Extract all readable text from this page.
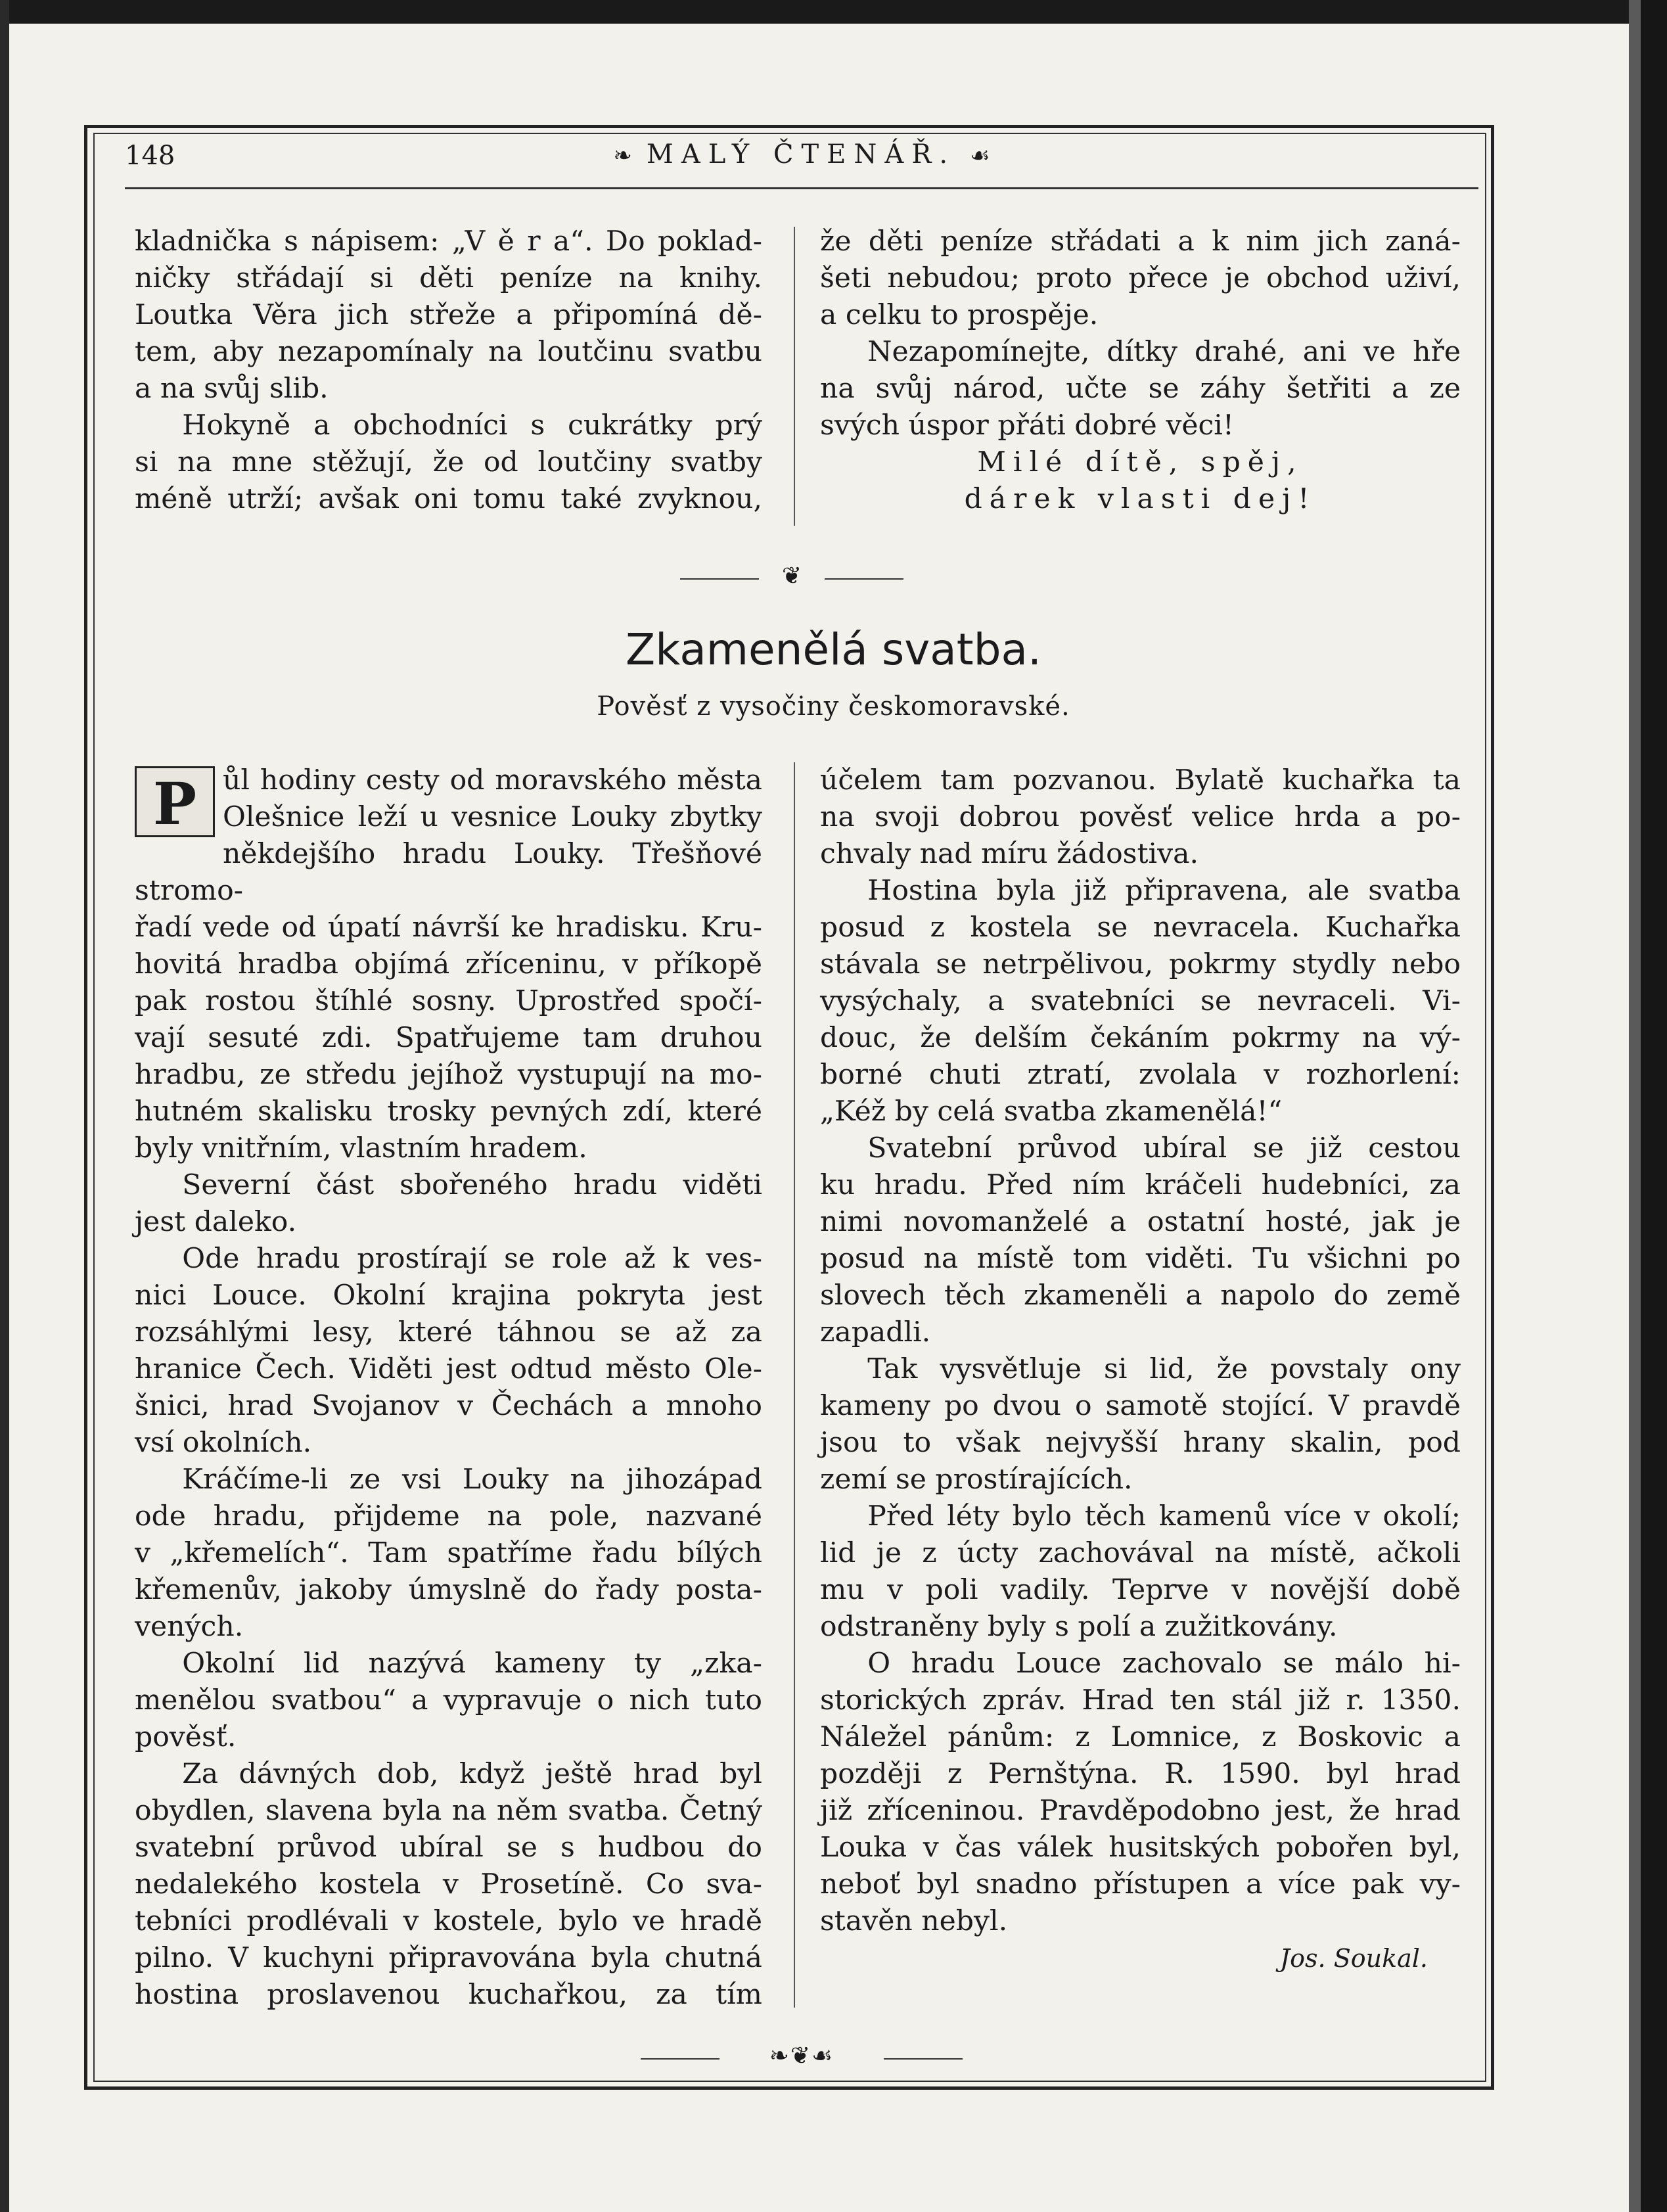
148	❧ MALÝ ČTENÁŘ. ☙

kladnička s nápisem: „V ě r a“. Do poklad-

ničky střádají si děti peníze na knihy.

Loutka Věra jich střeže a připomíná dě-

tem, aby nezapomínaly na loutčinu svatbu

a na svůj slib.

Hokyně a obchodníci s cukrátky prý

si na mne stěžují, že od loutčiny svatby

méně utrží; avšak oni tomu také zvyknou,

že děti peníze střádati a k nim jich zaná-

šeti nebudou; proto přece je obchod uživí,

a celku to prospěje.

Nezapomínejte, dítky drahé, ani ve hře

na svůj národ, učte se záhy šetřiti a ze

svých úspor přáti dobré věci!

Milé dítě, spěj,

dárek vlasti dej!

❦
Zkamenělá svatba.
Pověsť z vysočiny českomoravské.
P ůl hodiny cesty od moravského města

Olešnice leží u vesnice Louky zbytky

někdejšího hradu Louky. Třešňové stromo-

řadí vede od úpatí návrší ke hradisku. Kru-

hovitá hradba objímá zříceninu, v příkopě

pak rostou štíhlé sosny. Uprostřed spočí-

vají sesuté zdi. Spatřujeme tam druhou

hradbu, ze středu jejíhož vystupují na mo-

hutném skalisku trosky pevných zdí, které

byly vnitřním, vlastním hradem.

Severní část sbořeného hradu viděti

jest daleko.

Ode hradu prostírají se role až k ves-

nici Louce. Okolní krajina pokryta jest

rozsáhlými lesy, které táhnou se až za

hranice Čech. Viděti jest odtud město Ole-

šnici, hrad Svojanov v Čechách a mnoho

vsí okolních.

Kráčíme-li ze vsi Louky na jihozápad

ode hradu, přijdeme na pole, nazvané

v „křemelích“. Tam spatříme řadu bílých

křemenův, jakoby úmyslně do řady posta-

vených.

Okolní lid nazývá kameny ty „zka-

menělou svatbou“ a vypravuje o nich tuto

pověsť.

Za dávných dob, když ještě hrad byl

obydlen, slavena byla na něm svatba. Četný

svatební průvod ubíral se s hudbou do

nedalekého kostela v Prosetíně. Co sva-

tebníci prodlévali v kostele, bylo ve hradě

pilno. V kuchyni připravována byla chutná

hostina proslavenou kuchařkou, za tím

účelem tam pozvanou. Bylatě kuchařka ta

na svoji dobrou pověsť velice hrda a po-

chvaly nad míru žádostiva.

Hostina byla již připravena, ale svatba

posud z kostela se nevracela. Kuchařka

stávala se netrpělivou, pokrmy stydly nebo

vysýchaly, a svatebníci se nevraceli. Vi-

douc, že delším čekáním pokrmy na vý-

borné chuti ztratí, zvolala v rozhorlení:

„Kéž by celá svatba zkamenělá!“

Svatební průvod ubíral se již cestou

ku hradu. Před ním kráčeli hudebníci, za

nimi novomanželé a ostatní hosté, jak je

posud na místě tom viděti. Tu všichni po

slovech těch zkameněli a napolo do země

zapadli.

Tak vysvětluje si lid, že povstaly ony

kameny po dvou o samotě stojící. V pravdě

jsou to však nejvyšší hrany skalin, pod

zemí se prostírajících.

Před léty bylo těch kamenů více v okolí;

lid je z úcty zachovával na místě, ačkoli

mu v poli vadily. Teprve v novější době

odstraněny byly s polí a zužitkovány.

O hradu Louce zachovalo se málo hi-

storických zpráv. Hrad ten stál již r. 1350.

Náležel pánům: z Lomnice, z Boskovic a

později z Pernštýna. R. 1590. byl hrad

již zříceninou. Pravděpodobno jest, že hrad

Louka v čas válek husitských pobořen byl,

neboť byl snadno přístupen a více pak vy-

stavěn nebyl.

Jos. Soukal.

❧❦☙
